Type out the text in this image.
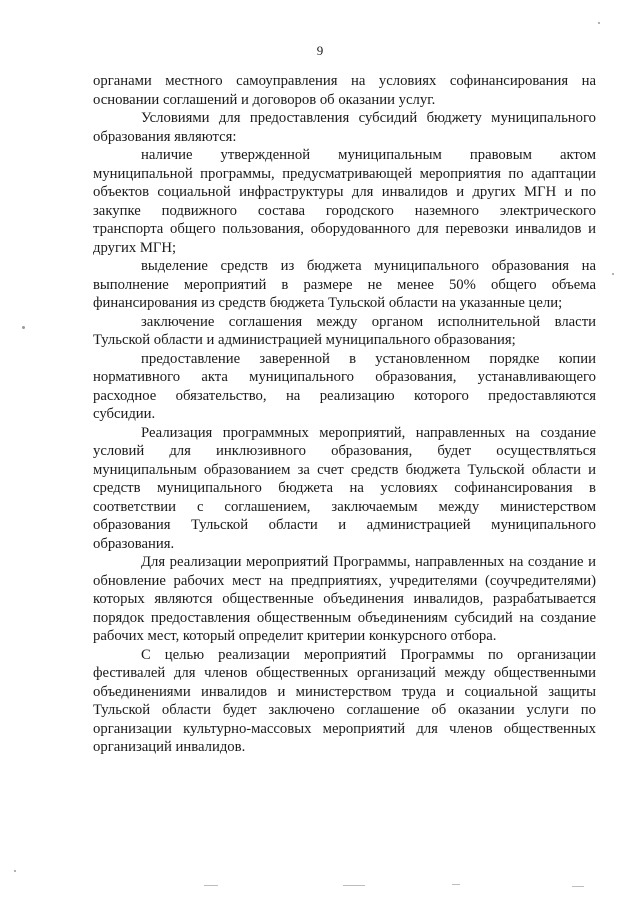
9

органами местного самоуправления на условиях софинансирования на
основании соглашений и договоров об оказании услуг.

Условиями для предоставления субсидий бюджету муниципального
образования являются:

наличие утвержденной муниципальным правовым актом
муниципальной программы, предусматривающей мероприятия по адаптации
объектов социальной инфраструктуры для инвалидов и других МГН и по
закупке подвижного состава городского наземного электрического
транспорта общего пользования, оборудованного для перевозки инвалидов и
других МГН;

выделение средств из бюджета муниципального образования на
выполнение мероприятий в размере не менее 50% общего объема
финансирования из средств бюджета Тульской области на указанные цели;

заключение соглашения между органом исполнительной власти
Тульской области и администрацией муниципального образования;

предоставление заверенной в установленном порядке копии
нормативного акта муниципального образования, устанавливающего
расходное обязательство, на реализацию которого предоставляются
субсидии.

Реализация программных мероприятий, направленных на создание
условий для инклюзивного образования, будет осуществляться
муниципальным образованием за счет средств бюджета Тульской области и
средств муниципального бюджета на условиях софинансирования в
соответствии с соглашением, заключаемым между министерством
образования Тульской области и администрацией муниципального
образования.

Для реализации мероприятий Программы, направленных на создание и
обновление рабочих мест на предприятиях, учредителями (соучредителями)
которых являются общественные объединения инвалидов, разрабатывается
порядок предоставления общественным объединениям субсидий на создание
рабочих мест, который определит критерии конкурсного отбора.

С целью реализации мероприятий Программы по организации
фестивалей для членов общественных организаций между общественными
объединениями инвалидов и министерством труда и социальной защиты
Тульской области будет заключено соглашение об оказании услуги по
организации культурно-массовых мероприятий для членов общественных
организаций инвалидов.
